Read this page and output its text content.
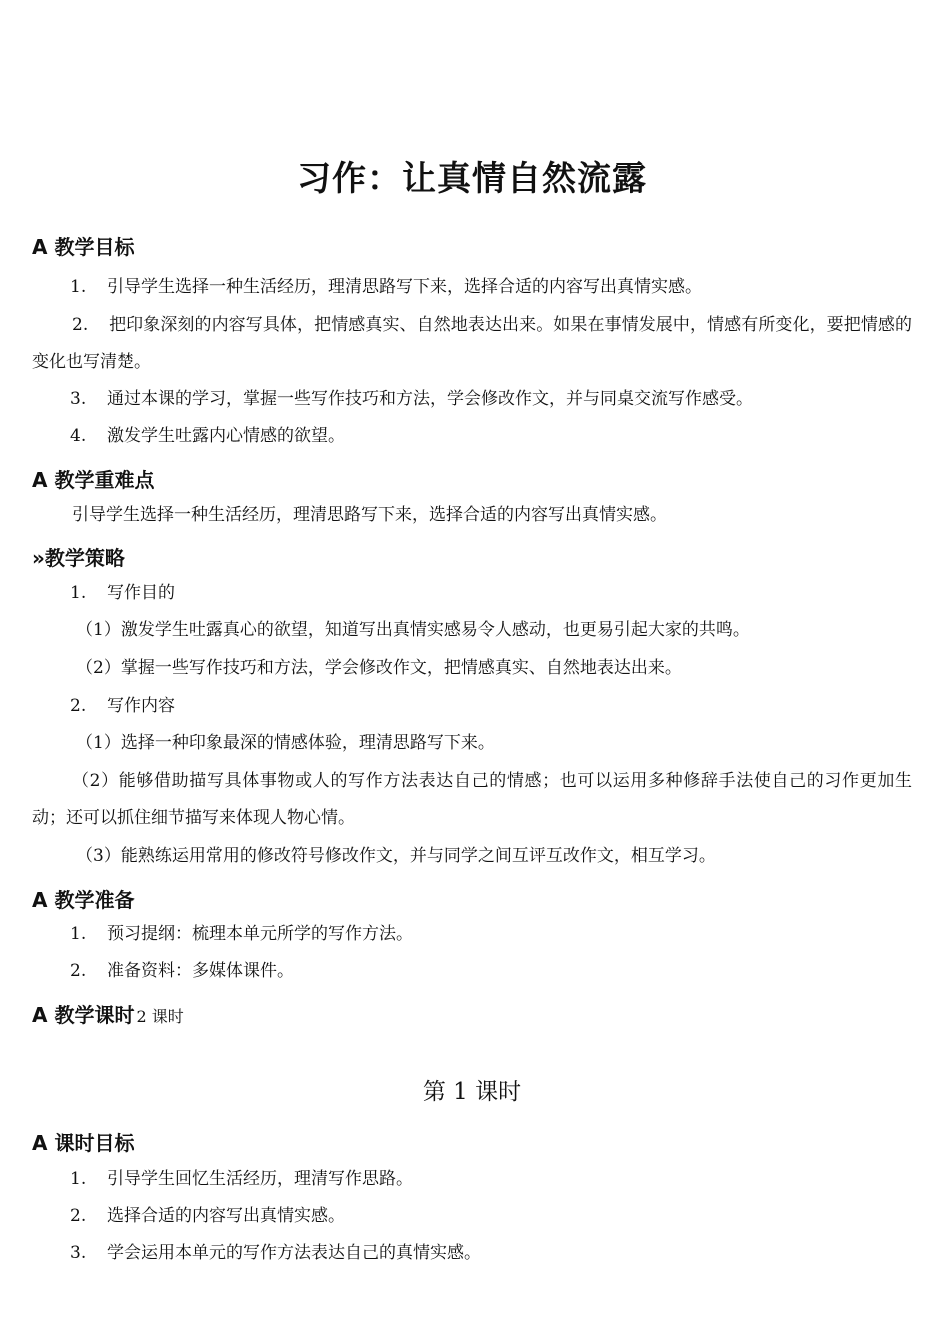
习作：让真情自然流露
A 教学目标
1. 引导学生选择一种生活经历，理清思路写下来，选择合适的内容写出真情实感。
2. 把印象深刻的内容写具体，把情感真实、自然地表达出来。如果在事情发展中，情感有所变化，要把情感的变化也写清楚。
3. 通过本课的学习，掌握一些写作技巧和方法，学会修改作文，并与同桌交流写作感受。
4. 激发学生吐露内心情感的欲望。
A 教学重难点
引导学生选择一种生活经历，理清思路写下来，选择合适的内容写出真情实感。
»教学策略
1. 写作目的
（1）激发学生吐露真心的欲望，知道写出真情实感易令人感动，也更易引起大家的共鸣。
（2）掌握一些写作技巧和方法，学会修改作文，把情感真实、自然地表达出来。
2. 写作内容
（1）选择一种印象最深的情感体验，理清思路写下来。
（2）能够借助描写具体事物或人的写作方法表达自己的情感；也可以运用多种修辞手法使自己的习作更加生动；还可以抓住细节描写来体现人物心情。
（3）能熟练运用常用的修改符号修改作文，并与同学之间互评互改作文，相互学习。
A 教学准备
1. 预习提纲：梳理本单元所学的写作方法。
2. 准备资料：多媒体课件。
A 教学课时 2 课时
第 1 课时
A 课时目标
1. 引导学生回忆生活经历，理清写作思路。
2. 选择合适的内容写出真情实感。
3. 学会运用本单元的写作方法表达自己的真情实感。
